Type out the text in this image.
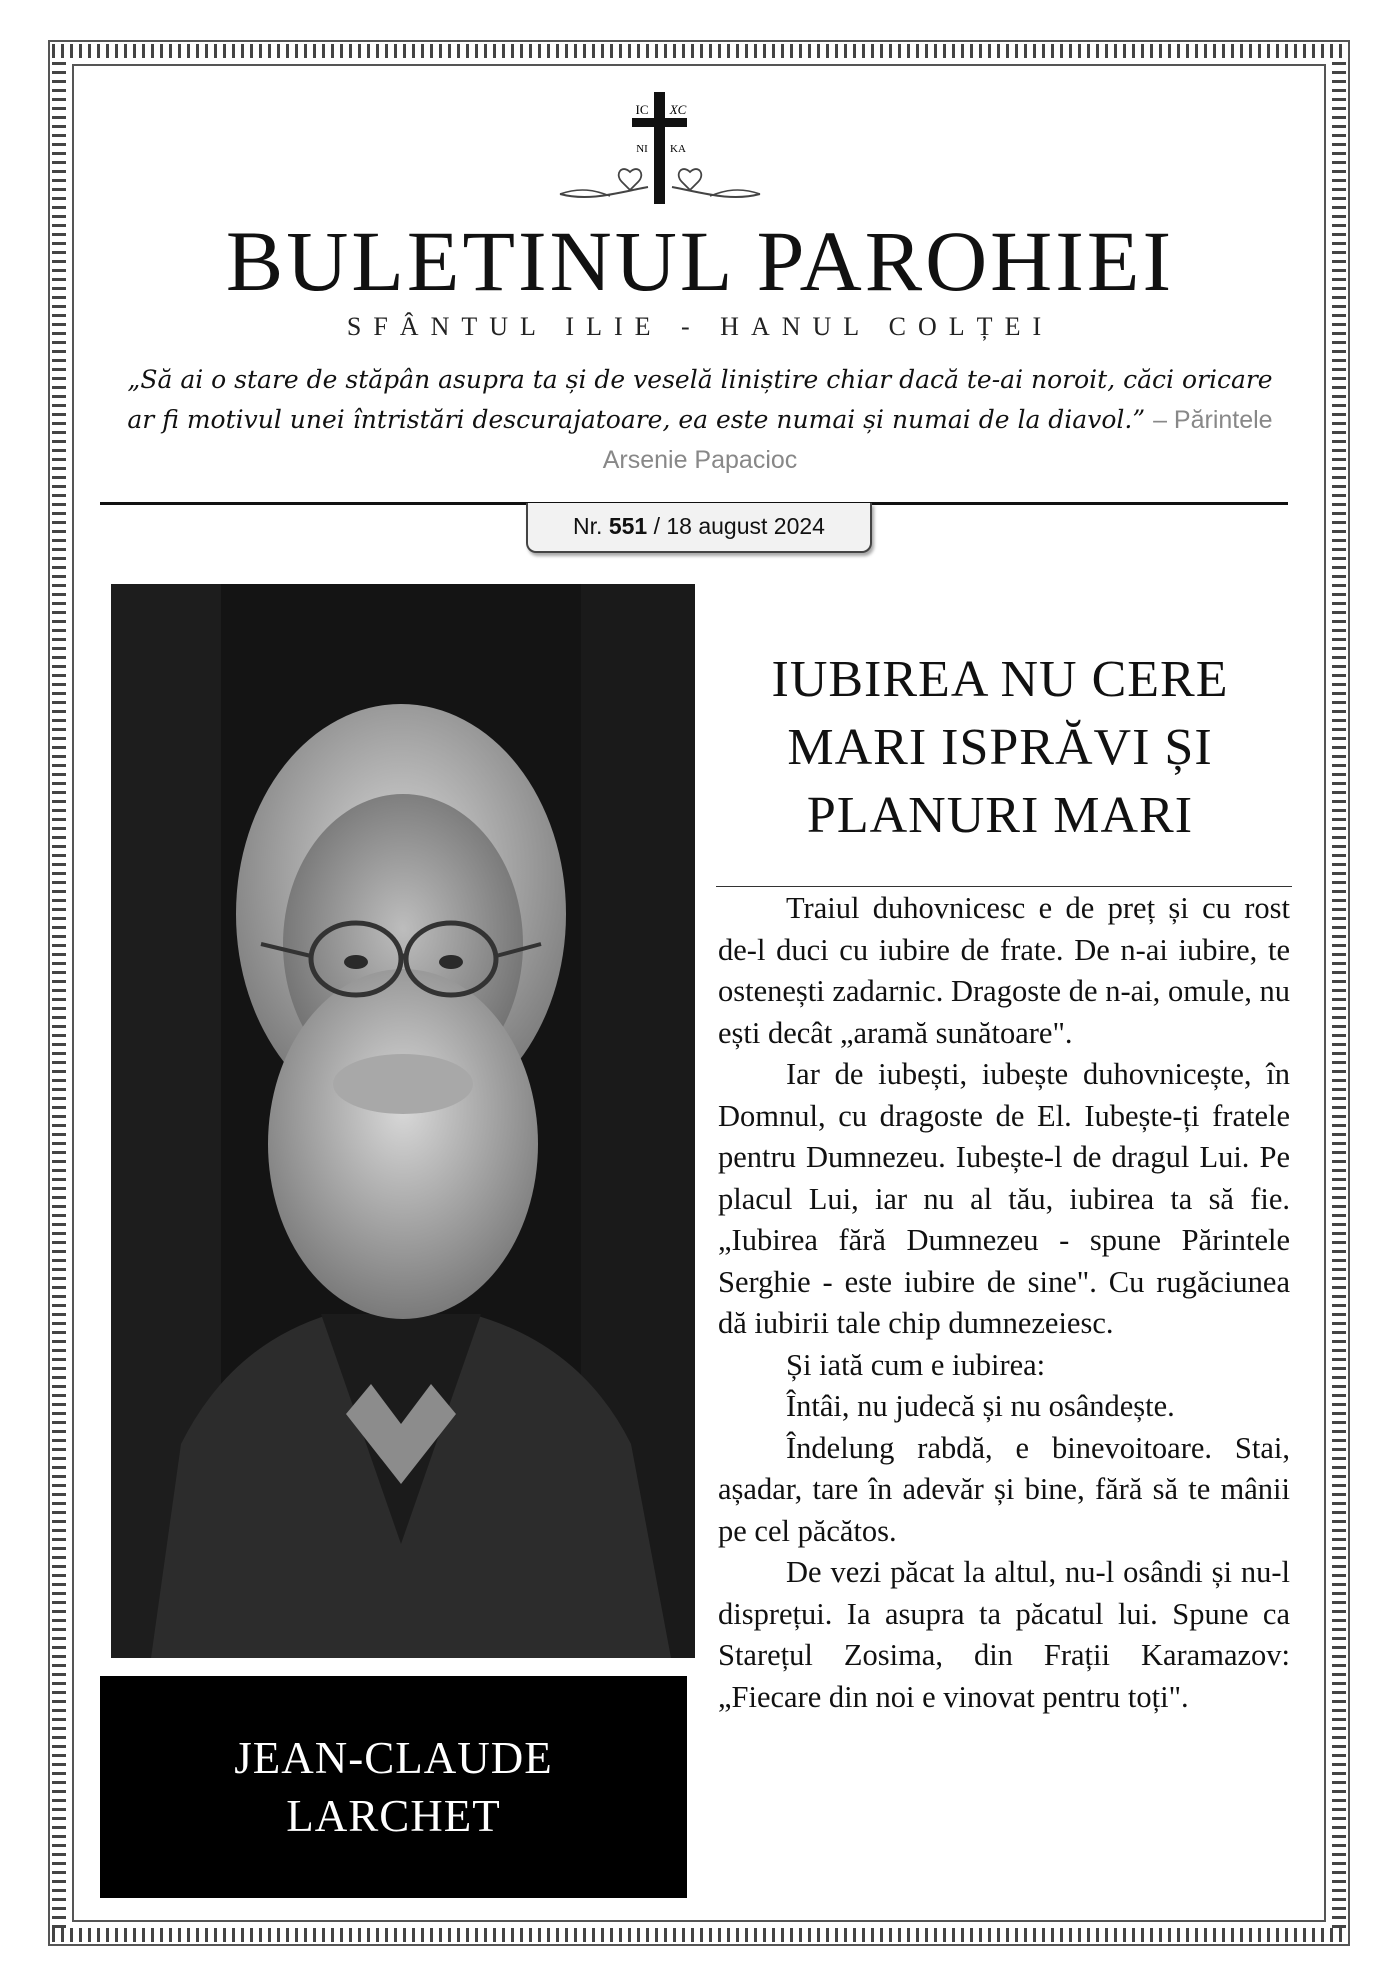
IC XC
NI KA
BULETINUL PAROHIEI
SFÂNTUL ILIE - HANUL COLȚEI
„Să ai o stare de stăpân asupra ta și de veselă liniștire chiar dacă te-ai noroit, căci oricare ar fi motivul unei întristări descurajatoare, ea este numai și numai de la diavol.” – Părintele Arsenie Papacioc
Nr. 551 / 18 august 2024
JEAN-CLAUDE
LARCHET
IUBIREA NU CERE MARI ISPRĂVI ȘI PLANURI MARI

Traiul duhovnicesc e de preț și cu rost de-l duci cu iubire de frate. De n-ai iubire, te ostenești zadarnic. Dragoste de n-ai, omule, nu ești decât „aramă sunătoare".

Iar de iubești, iubește duhovnicește, în Domnul, cu dragoste de El. Iubește-ți fratele pentru Dumnezeu. Iubește-l de dragul Lui. Pe placul Lui, iar nu al tău, iubirea ta să fie. „Iubirea fără Dumnezeu - spune Părintele Serghie - este iubire de sine". Cu rugăciunea dă iubirii tale chip dumnezeiesc.

Și iată cum e iubirea:

Întâi, nu judecă și nu osândește.

Îndelung rabdă, e binevoitoare. Stai, așadar, tare în adevăr și bine, fără să te mânii pe cel păcătos.

De vezi păcat la altul, nu-l osândi și nu-l disprețui. Ia asupra ta păcatul lui. Spune ca Starețul Zosima, din Frații Karamazov: „Fiecare din noi e vinovat pentru toți".
